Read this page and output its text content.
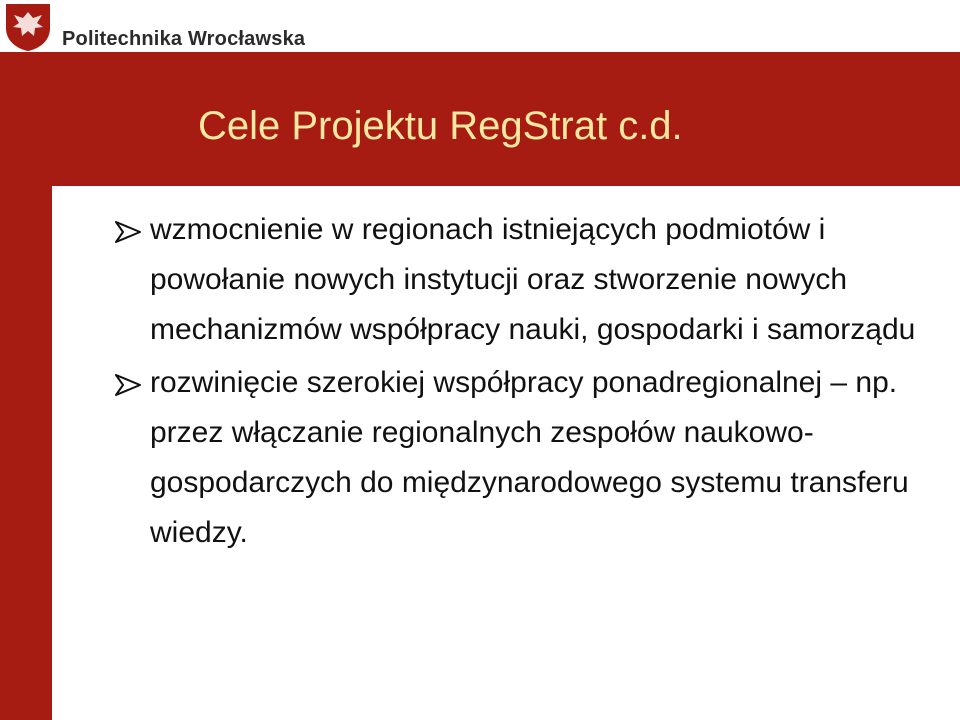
Politechnika Wrocławska
Cele Projektu RegStrat c.d.
wzmocnienie w regionach istniejących podmiotów i powołanie nowych instytucji oraz stworzenie nowych mechanizmów współpracy nauki, gospodarki i samorządu
rozwinięcie szerokiej współpracy ponadregionalnej – np. przez włączanie regionalnych zespołów naukowo-gospodarczych do międzynarodowego systemu transferu wiedzy.
